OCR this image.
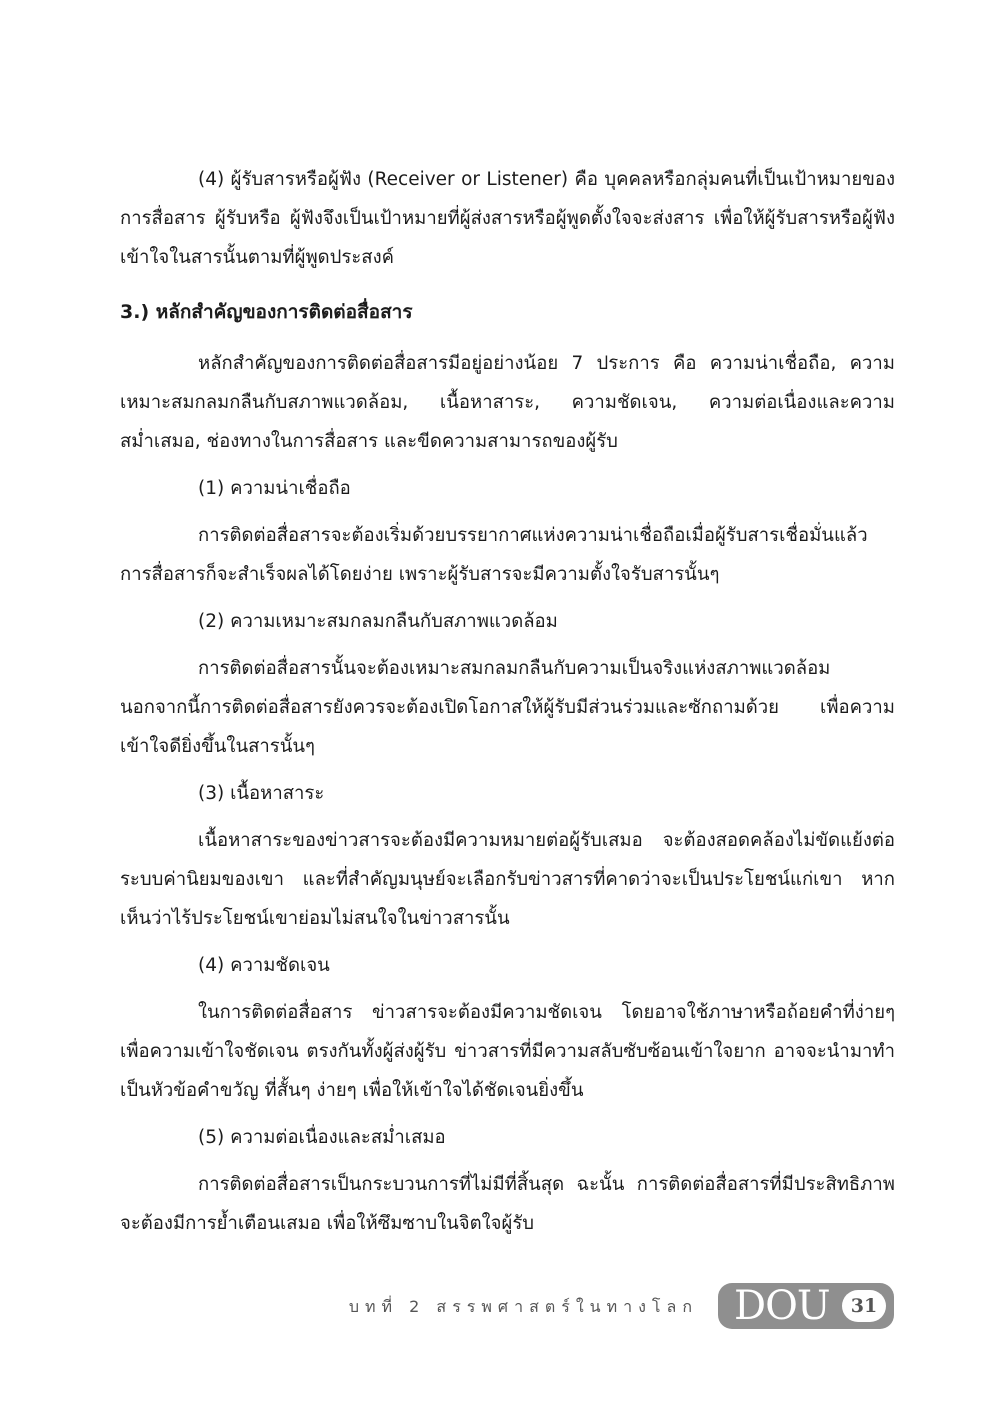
(4) ผู้รับสารหรือผู้ฟัง (Receiver or Listener) คือ บุคคลหรือกลุ่มคนที่เป็นเป้าหมายของการสื่อสาร ผู้รับหรือ ผู้ฟังจึงเป็นเป้าหมายที่ผู้ส่งสารหรือผู้พูดตั้งใจจะส่งสาร เพื่อให้ผู้รับสารหรือผู้ฟังเข้าใจในสารนั้นตามที่ผู้พูดประสงค์

3.) หลักสำคัญของการติดต่อสื่อสาร

หลักสำคัญของการติดต่อสื่อสารมีอยู่อย่างน้อย 7 ประการ คือ ความน่าเชื่อถือ, ความเหมาะสมกลมกลืนกับสภาพแวดล้อม, เนื้อหาสาระ, ความชัดเจน, ความต่อเนื่องและความสม่ำเสมอ, ช่องทางในการสื่อสาร และขีดความสามารถของผู้รับ

(1) ความน่าเชื่อถือ

การติดต่อสื่อสารจะต้องเริ่มด้วยบรรยากาศแห่งความน่าเชื่อถือเมื่อผู้รับสารเชื่อมั่นแล้ว การสื่อสารก็จะสำเร็จผลได้โดยง่าย เพราะผู้รับสารจะมีความตั้งใจรับสารนั้นๆ

(2) ความเหมาะสมกลมกลืนกับสภาพแวดล้อม

การติดต่อสื่อสารนั้นจะต้องเหมาะสมกลมกลืนกับความเป็นจริงแห่งสภาพแวดล้อม นอกจากนี้การติดต่อสื่อสารยังควรจะต้องเปิดโอกาสให้ผู้รับมีส่วนร่วมและซักถามด้วย เพื่อความเข้าใจดียิ่งขึ้นในสารนั้นๆ

(3) เนื้อหาสาระ

เนื้อหาสาระของข่าวสารจะต้องมีความหมายต่อผู้รับเสมอ จะต้องสอดคล้องไม่ขัดแย้งต่อระบบค่านิยมของเขา และที่สำคัญมนุษย์จะเลือกรับข่าวสารที่คาดว่าจะเป็นประโยชน์แก่เขา หากเห็นว่าไร้ประโยชน์เขาย่อมไม่สนใจในข่าวสารนั้น

(4) ความชัดเจน

ในการติดต่อสื่อสาร ข่าวสารจะต้องมีความชัดเจน โดยอาจใช้ภาษาหรือถ้อยคำที่ง่ายๆ เพื่อความเข้าใจชัดเจน ตรงกันทั้งผู้ส่งผู้รับ ข่าวสารที่มีความสลับซับซ้อนเข้าใจยาก อาจจะนำมาทำเป็นหัวข้อคำขวัญ ที่สั้นๆ ง่ายๆ เพื่อให้เข้าใจได้ชัดเจนยิ่งขึ้น

(5) ความต่อเนื่องและสม่ำเสมอ

การติดต่อสื่อสารเป็นกระบวนการที่ไม่มีที่สิ้นสุด ฉะนั้น การติดต่อสื่อสารที่มีประสิทธิภาพ จะต้องมีการย้ำเตือนเสมอ เพื่อให้ซึมซาบในจิตใจผู้รับ

บทที่ 2 สรรพศาสตร์ในทางโลก DOU	31
